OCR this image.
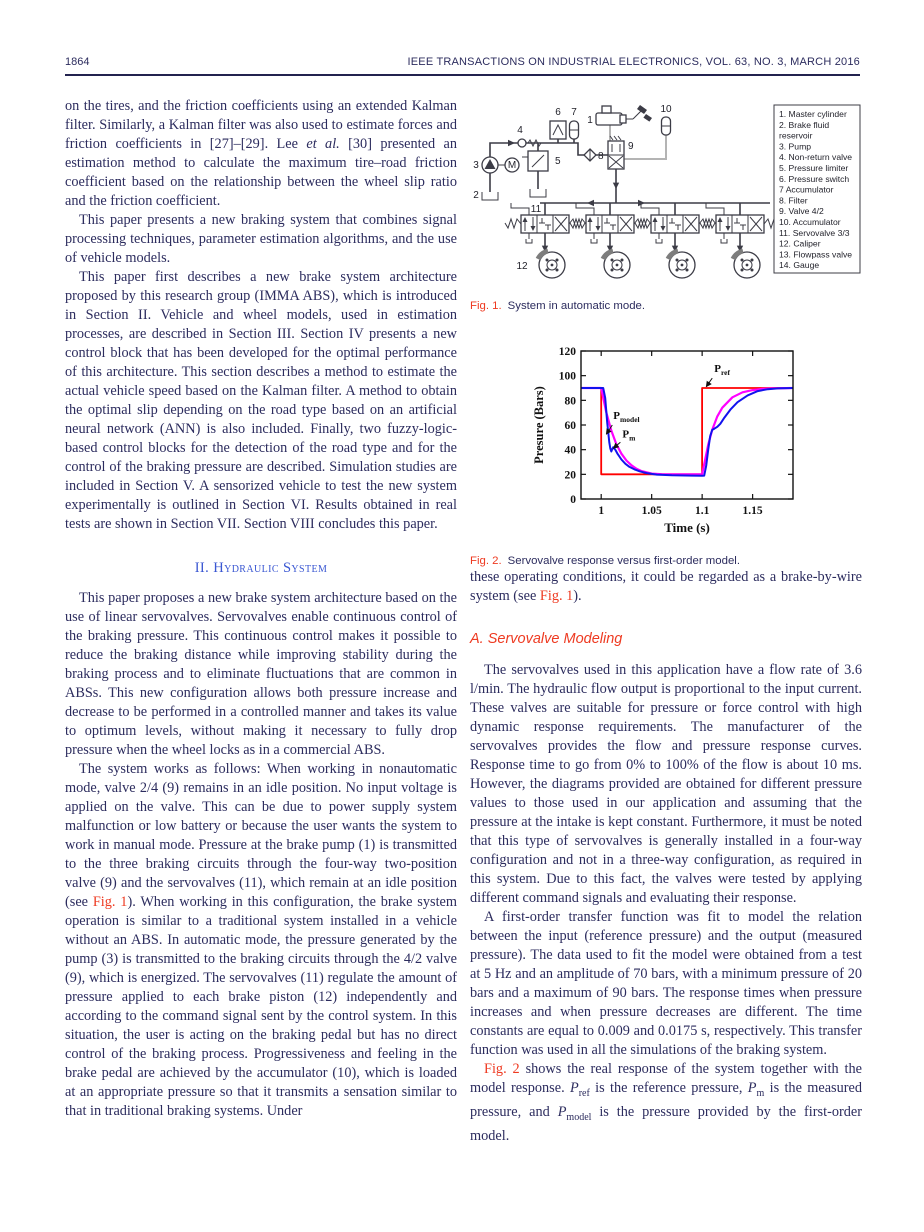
1864	IEEE TRANSACTIONS ON INDUSTRIAL ELECTRONICS, VOL. 63, NO. 3, MARCH 2016

on the tires, and the friction coefficients using an extended Kalman filter. Similarly, a Kalman filter was also used to estimate forces and friction coefficients in [27]–[29]. Lee et al. [30] presented an estimation method to calculate the maximum tire–road friction coefficient based on the relationship between the wheel slip ratio and the friction coefficient.

This paper presents a new braking system that combines signal processing techniques, parameter estimation algorithms, and the use of vehicle models.

This paper first describes a new brake system architecture proposed by this research group (IMMA ABS), which is introduced in Section II. Vehicle and wheel models, used in estimation processes, are described in Section III. Section IV presents a new control block that has been developed for the optimal performance of this architecture. This section describes a method to estimate the actual vehicle speed based on the Kalman filter. A method to obtain the optimal slip depending on the road type based on an artificial neural network (ANN) is also included. Finally, two fuzzy-logic-based control blocks for the detection of the road type and for the control of the braking pressure are described. Simulation studies are included in Section V. A sensorized vehicle to test the new system experimentally is outlined in Section VI. Results obtained in real tests are shown in Section VII. Section VIII concludes this paper.

II. Hydraulic System

This paper proposes a new brake system architecture based on the use of linear servovalves. Servovalves enable continuous control of the braking pressure. This continuous control makes it possible to reduce the braking distance while improving stability during the braking process and to eliminate fluctuations that are common in ABSs. This new configuration allows both pressure increase and decrease to be performed in a controlled manner and takes its value to optimum levels, without making it necessary to fully drop pressure when the wheel locks as in a commercial ABS.

The system works as follows: When working in nonautomatic mode, valve 2/4 (9) remains in an idle position. No input voltage is applied on the valve. This can be due to power supply system malfunction or low battery or because the user wants the system to work in manual mode. Pressure at the brake pump (1) is transmitted to the three braking circuits through the four-way two-position valve (9) and the servovalves (11), which remain at an idle position (see Fig. 1). When working in this configuration, the brake system operation is similar to a traditional system installed in a vehicle without an ABS. In automatic mode, the pressure generated by the pump (3) is transmitted to the braking circuits through the 4/2 valve (9), which is energized. The servovalves (11) regulate the amount of pressure applied to each brake piston (12) independently and according to the command signal sent by the control system. In this situation, the user is acting on the braking pedal but has no direct control of the braking process. Progressiveness and feeling in the brake pedal are achieved by the accumulator (10), which is loaded at an appropriate pressure so that it transmits a sensation similar to that in traditional braking systems. Under

M
1
2
3
4
5
6 7
8
9
10
11
12
1. Master cylinder
2. Brake fluid
reservoir
3. Pump
4. Non-return valve
5. Pressure limiter
6. Pressure switch
7 Accumulator
8. Filter
9. Valve 4/2
10. Accumulator
11. Servovalve 3/3
12. Caliper
13. Flowpass valve
14. Gauge

Fig. 1. System in automatic mode.

1	1.05	1.1	1.15
0
20
40
60
80
100
120
Time (s)
Presure (Bars)
$P_{ref}$
$P_{model}$
$P_m$

Fig. 2. Servovalve response versus first-order model.

these operating conditions, it could be regarded as a brake-by-wire system (see Fig. 1).

A. Servovalve Modeling

The servovalves used in this application have a flow rate of 3.6 l/min. The hydraulic flow output is proportional to the input current. These valves are suitable for pressure or force control with high dynamic response requirements. The manufacturer of the servovalves provides the flow and pressure response curves. Response time to go from 0% to 100% of the flow is about 10 ms. However, the diagrams provided are obtained for different pressure values to those used in our application and assuming that the pressure at the intake is kept constant. Furthermore, it must be noted that this type of servovalves is generally installed in a four-way configuration and not in a three-way configuration, as required in this system. Due to this fact, the valves were tested by applying different command signals and evaluating their response.

A first-order transfer function was fit to model the relation between the input (reference pressure) and the output (measured pressure). The data used to fit the model were obtained from a test at 5 Hz and an amplitude of 70 bars, with a minimum pressure of 20 bars and a maximum of 90 bars. The response times when pressure increases and when pressure decreases are different. The time constants are equal to 0.009 and 0.0175 s, respectively. This transfer function was used in all the simulations of the braking system.

Fig. 2 shows the real response of the system together with the model response. $P_{ref}$ is the reference pressure, $P_m$ is the measured pressure, and $P_{model}$ is the pressure provided by the first-order model.
